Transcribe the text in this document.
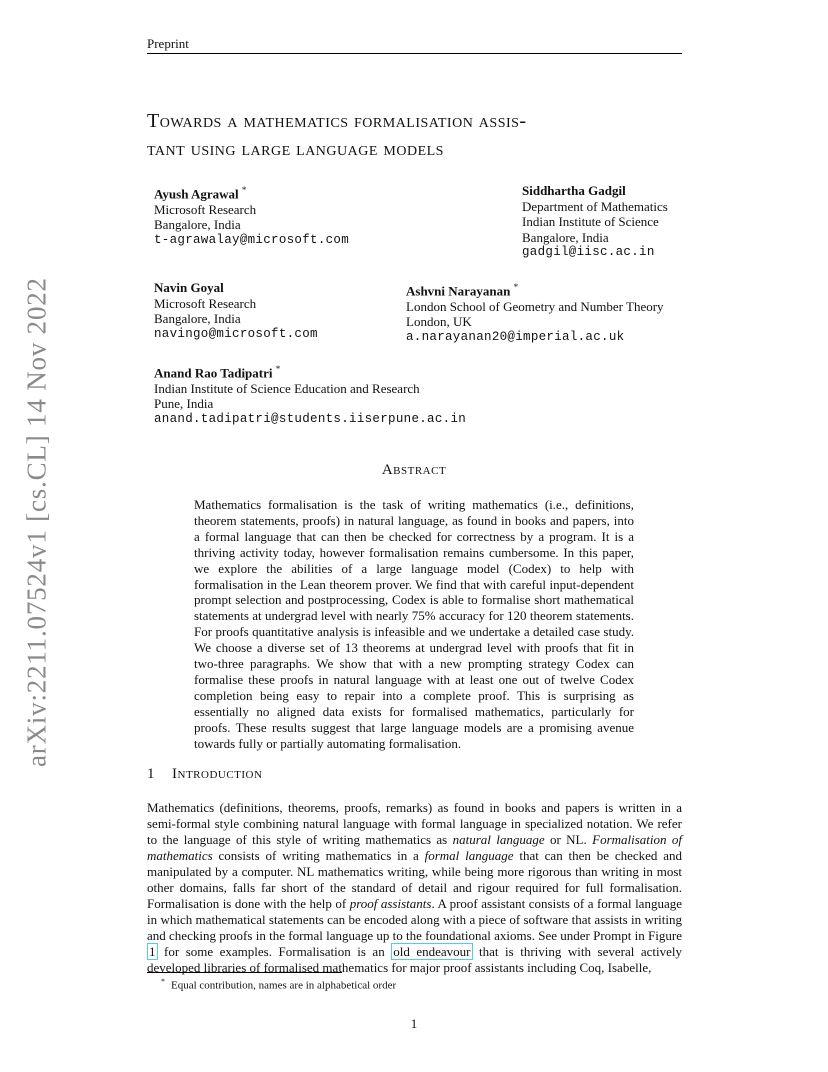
Preprint
arXiv:2211.07524v1 [cs.CL] 14 Nov 2022
Towards a mathematics formalisation assis-
tant using large language models
Ayush Agrawal *
Microsoft Research
Bangalore, India
t-agrawalay@microsoft.com
Siddhartha Gadgil
Department of Mathematics
Indian Institute of Science
Bangalore, India
gadgil@iisc.ac.in
Navin Goyal
Microsoft Research
Bangalore, India
navingo@microsoft.com
Ashvni Narayanan *
London School of Geometry and Number Theory
London, UK
a.narayanan20@imperial.ac.uk
Anand Rao Tadipatri *
Indian Institute of Science Education and Research
Pune, India
anand.tadipatri@students.iiserpune.ac.in
Abstract
Mathematics formalisation is the task of writing mathematics (i.e., definitions, theorem statements, proofs) in natural language, as found in books and papers, into a formal language that can then be checked for correctness by a program. It is a thriving activity today, however formalisation remains cumbersome. In this paper, we explore the abilities of a large language model (Codex) to help with formalisation in the Lean theorem prover. We find that with careful input-dependent prompt selection and postprocessing, Codex is able to formalise short mathematical statements at undergrad level with nearly 75% accuracy for 120 theorem statements. For proofs quantitative analysis is infeasible and we undertake a detailed case study. We choose a diverse set of 13 theorems at undergrad level with proofs that fit in two-three paragraphs. We show that with a new prompting strategy Codex can formalise these proofs in natural language with at least one out of twelve Codex completion being easy to repair into a complete proof. This is surprising as essentially no aligned data exists for formalised mathematics, particularly for proofs. These results suggest that large language models are a promising avenue towards fully or partially automating formalisation.
1 Introduction
Mathematics (definitions, theorems, proofs, remarks) as found in books and papers is written in a semi-formal style combining natural language with formal language in specialized notation. We refer to the language of this style of writing mathematics as natural language or NL. Formalisation of mathematics consists of writing mathematics in a formal language that can then be checked and manipulated by a computer. NL mathematics writing, while being more rigorous than writing in most other domains, falls far short of the standard of detail and rigour required for full formalisation. Formalisation is done with the help of proof assistants. A proof assistant consists of a formal language in which mathematical statements can be encoded along with a piece of software that assists in writing and checking proofs in the formal language up to the foundational axioms. See under Prompt in Figure 1 for some examples. Formalisation is an old endeavour that is thriving with several actively developed libraries of formalised mathematics for major proof assistants including Coq, Isabelle,
* Equal contribution, names are in alphabetical order
1
